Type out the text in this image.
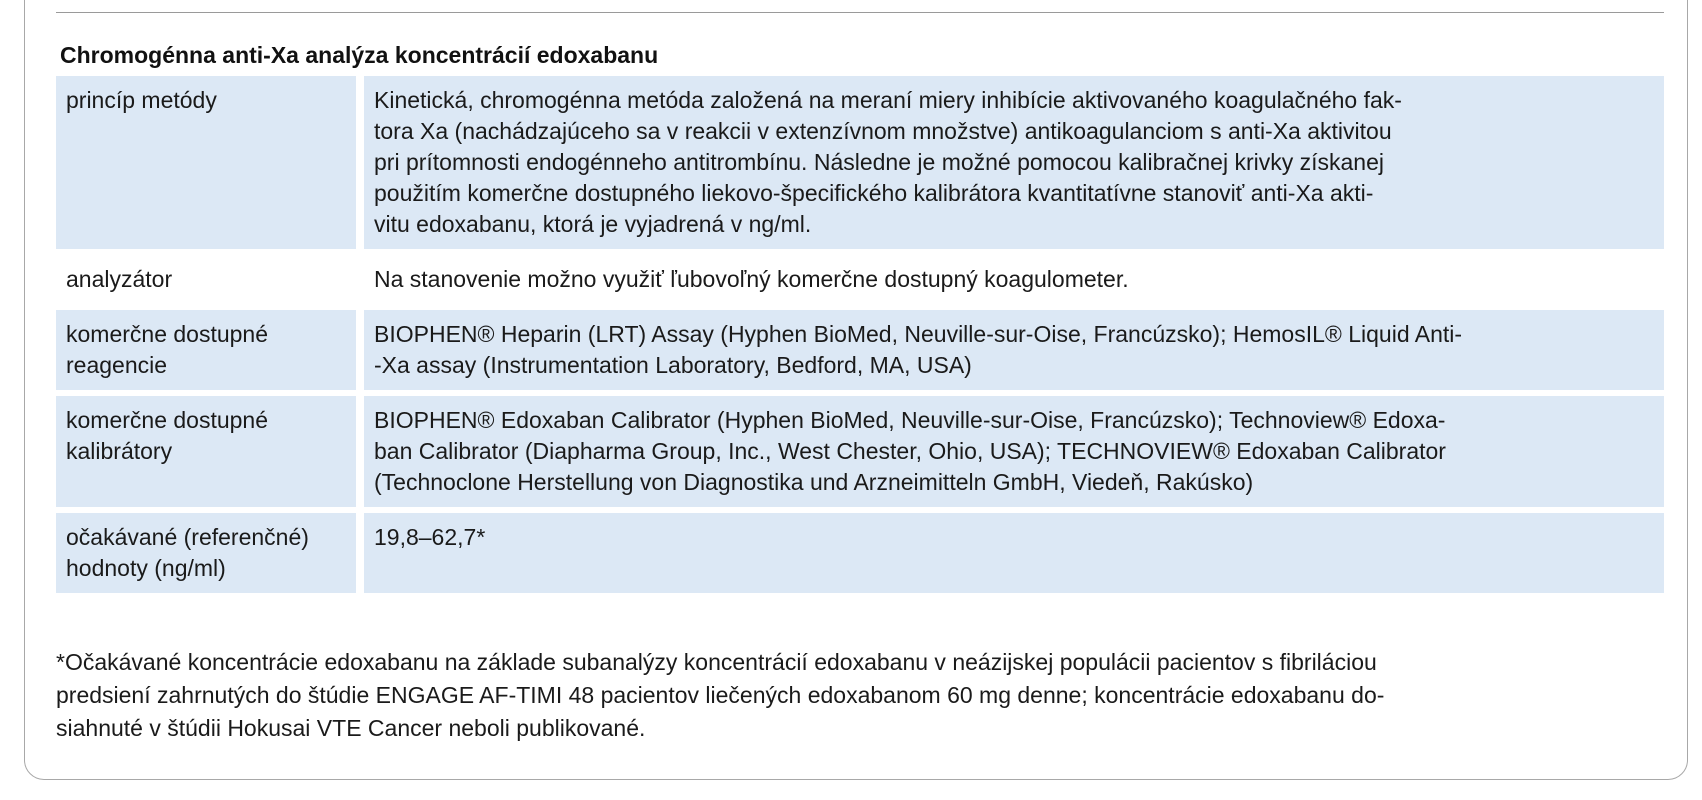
Chromogénna anti-Xa analýza koncentrácií edoxabanu
princíp metódy	Kinetická, chromogénna metóda založená na meraní miery inhibície aktivovaného koagulačného fak-
tora Xa (nachádzajúceho sa v reakcii v extenzívnom množstve) antikoagulanciom s anti-Xa aktivitou
pri prítomnosti endogénneho antitrombínu. Následne je možné pomocou kalibračnej krivky získanej
použitím komerčne dostupného liekovo-špecifického kalibrátora kvantitatívne stanoviť anti-Xa akti-
vitu edoxabanu, ktorá je vyjadrená v ng/ml.
analyzátor	Na stanovenie možno využiť ľubovoľný komerčne dostupný koagulometer.
komerčne dostupné
reagencie
BIOPHEN® Heparin (LRT) Assay (Hyphen BioMed, Neuville-sur-Oise, Francúzsko); HemosIL® Liquid Anti-
-Xa assay (Instrumentation Laboratory, Bedford, MA, USA)
komerčne dostupné
kalibrátory
BIOPHEN® Edoxaban Calibrator (Hyphen BioMed, Neuville-sur-Oise, Francúzsko); Technoview® Edoxa-
ban Calibrator (Diapharma Group, Inc., West Chester, Ohio, USA); TECHNOVIEW® Edoxaban Calibrator
(Technoclone Herstellung von Diagnostika und Arzneimitteln GmbH, Viedeň, Rakúsko)
očakávané (referenčné)
hodnoty (ng/ml)
19,8–62,7*
*Očakávané koncentrácie edoxabanu na základe subanalýzy koncentrácií edoxabanu v neázijskej populácii pacientov s fibriláciou
predsiení zahrnutých do štúdie ENGAGE AF-TIMI 48 pacientov liečených edoxabanom 60 mg denne; koncentrácie edoxabanu do-
siahnuté v štúdii Hokusai VTE Cancer neboli publikované.
